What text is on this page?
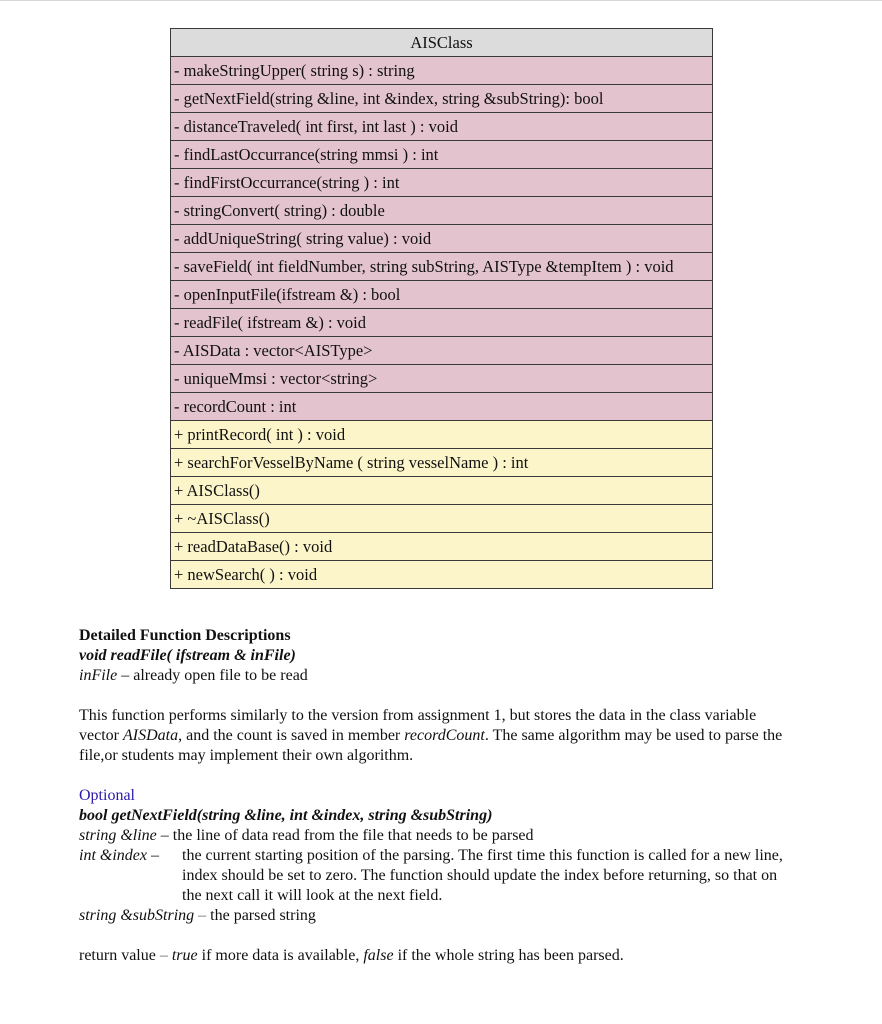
AISClass
- makeStringUpper( string s) : string
- getNextField(string &line, int &index, string &subString): bool
- distanceTraveled( int first, int last ) : void
- findLastOccurrance(string mmsi ) : int
- findFirstOccurrance(string ) : int
- stringConvert( string) : double
- addUniqueString( string value) : void
- saveField( int fieldNumber, string subString, AISType &tempItem ) : void
- openInputFile(ifstream &) : bool
- readFile( ifstream &) : void
- AISData : vector<AISType>
- uniqueMmsi : vector<string>
- recordCount : int
+ printRecord( int ) : void
+ searchForVesselByName ( string vesselName ) : int
+ AISClass()
+ ~AISClass()
+ readDataBase() : void
+ newSearch( ) : void

Detailed Function Descriptions

void readFile( ifstream & inFile)

inFile – already open file to be read

This function performs similarly to the version from assignment 1, but stores the data in the class variable vector AISData, and the count is saved in member recordCount. The same algorithm may be used to parse the file,or students may implement their own algorithm.

Optional

bool getNextField(string &line, int &index, string &subString)

string &line – the line of data read from the file that needs to be parsed

int &index –	the current starting position of the parsing. The first time this function is called for a new line, index should be set to zero. The function should update the index before returning, so that on the next call it will look at the next field.

string &subString – the parsed string

return value – true if more data is available, false if the whole string has been parsed.
